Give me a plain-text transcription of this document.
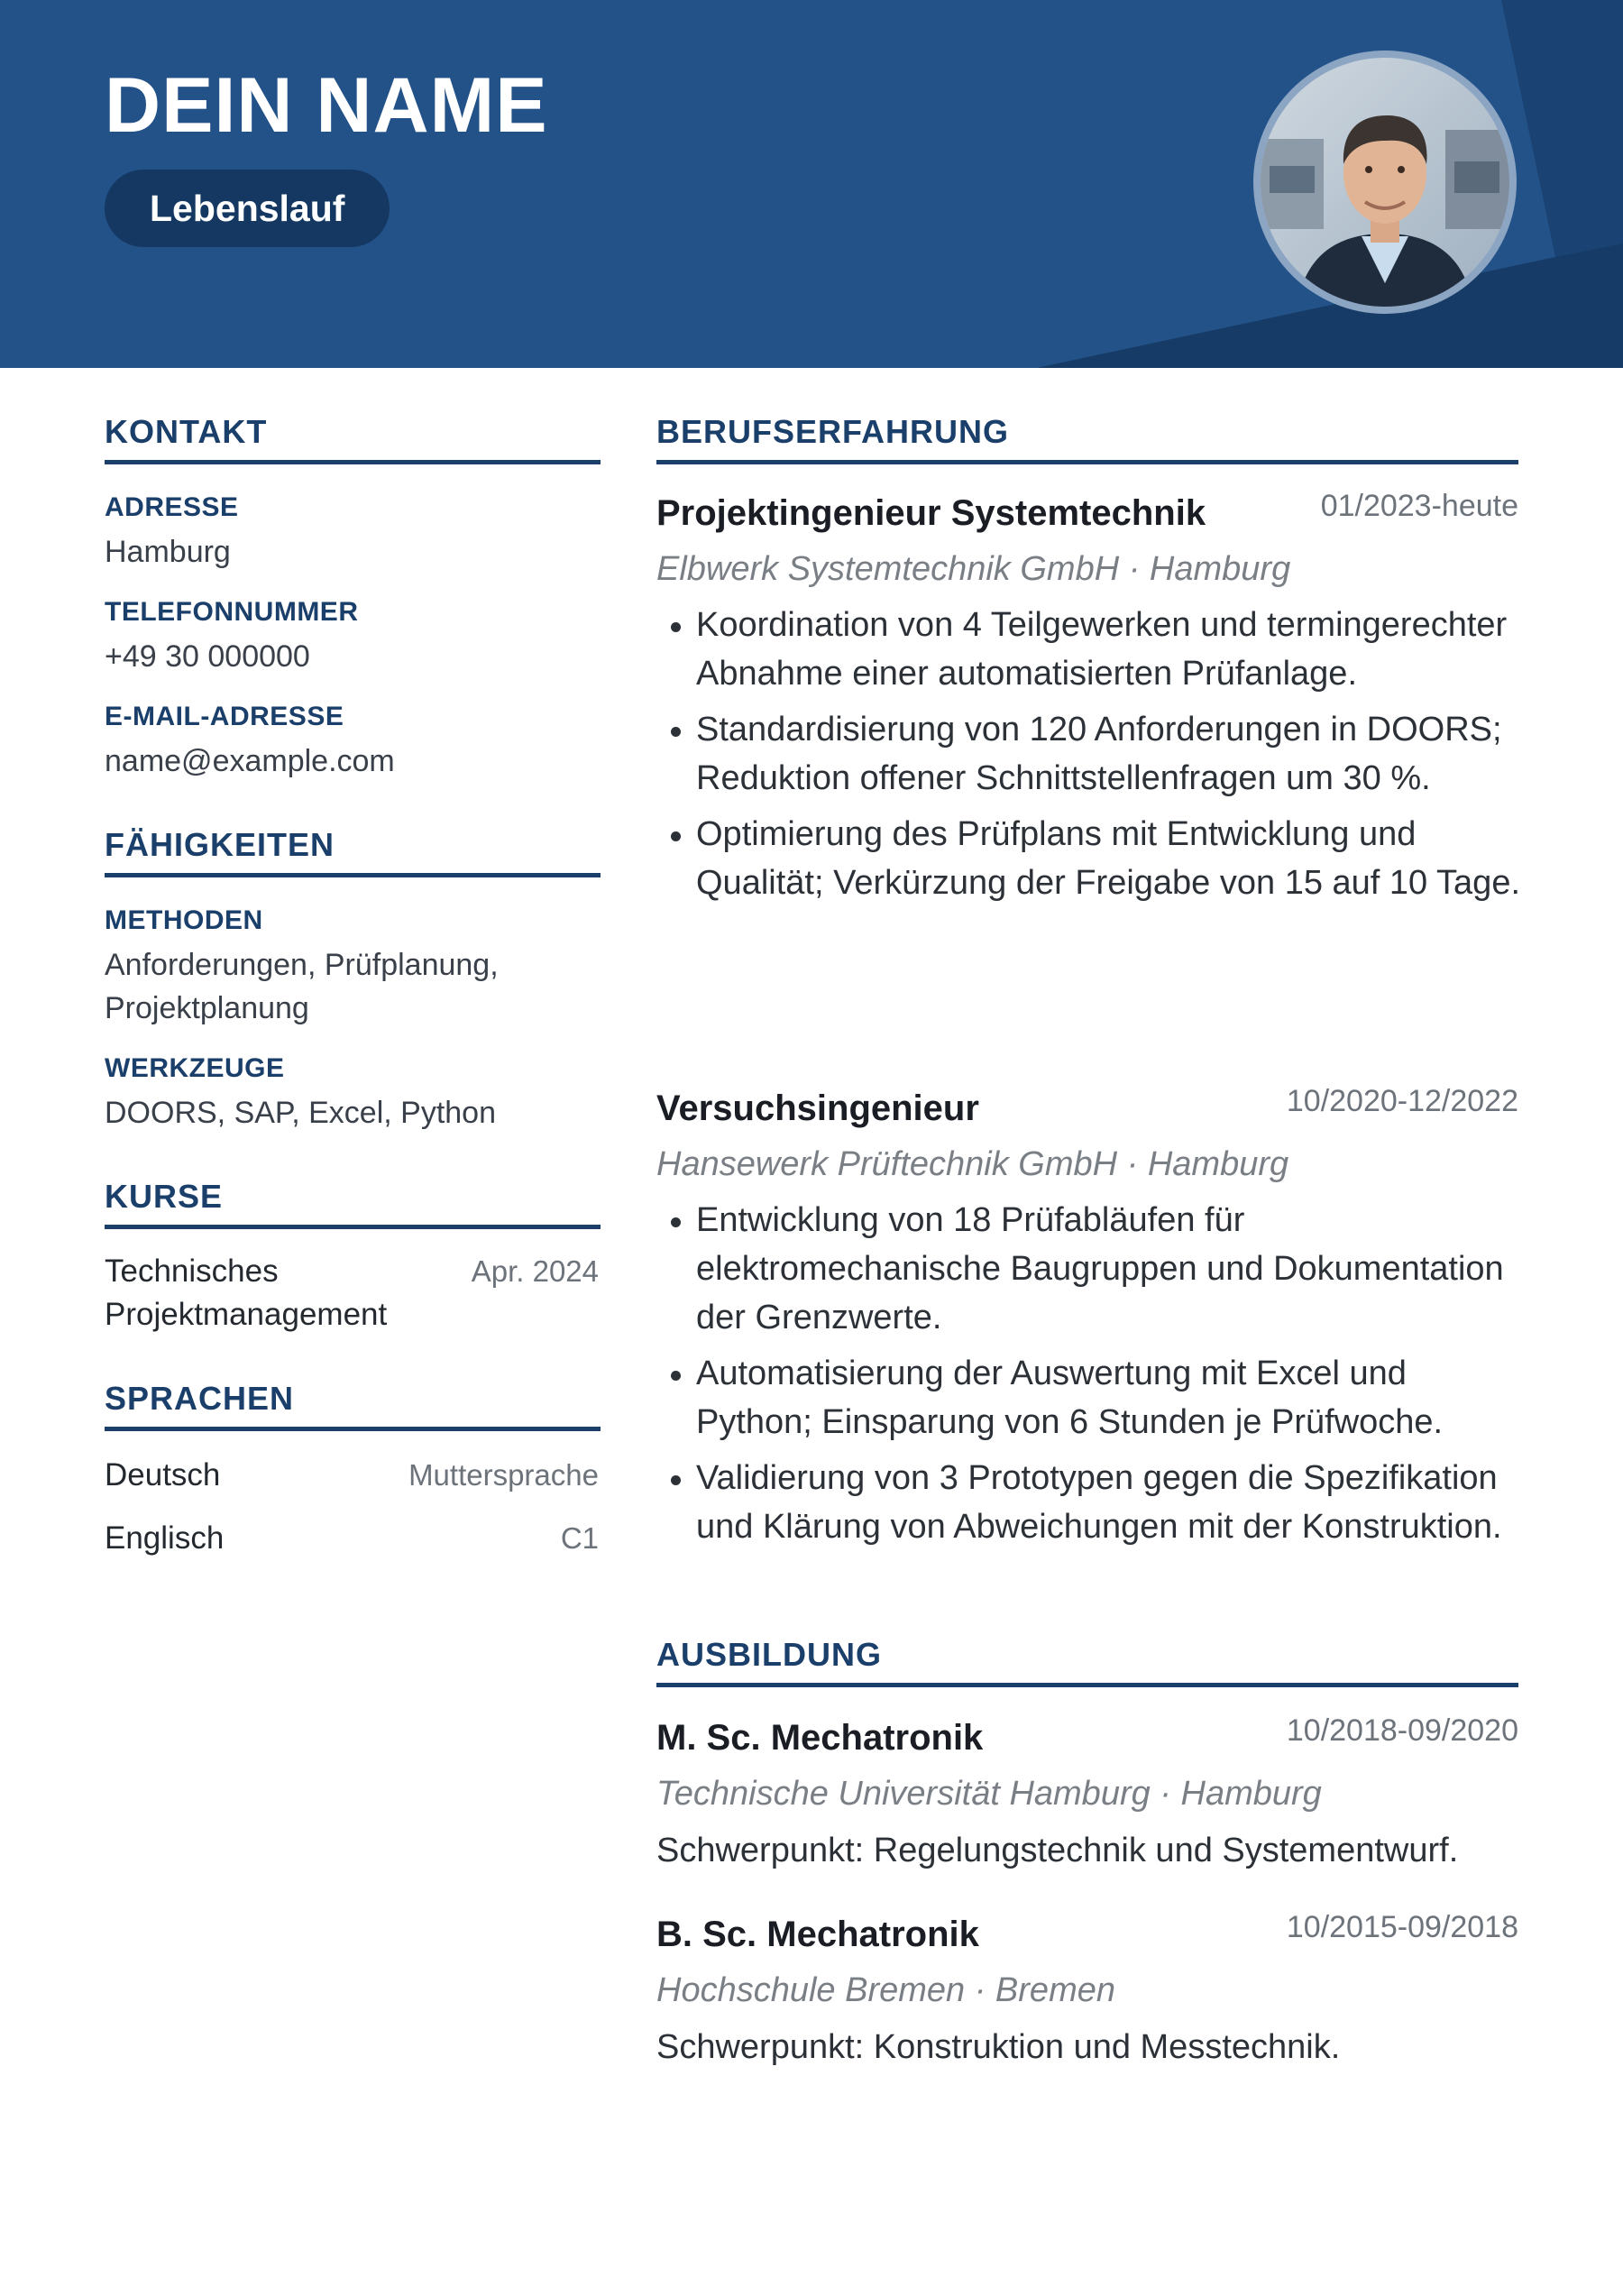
DEIN NAME
Lebenslauf
KONTAKT
ADRESSE
Hamburg
TELEFONNUMMER
+49 30 000000
E-MAIL-ADRESSE
name@example.com
FÄHIGKEITEN
METHODEN
Anforderungen, Prüfplanung, Projektplanung
WERKZEUGE
DOORS, SAP, Excel, Python
KURSE
Technisches Projektmanagement
Apr. 2024
SPRACHEN
Deutsch	Muttersprache
Englisch	C1
BERUFSERFAHRUNG
Projektingenieur Systemtechnik	01/2023-heute
Elbwerk Systemtechnik GmbH · Hamburg
Koordination von 4 Teilgewerken und termingerechter Abnahme einer automatisierten Prüfanlage.
Standardisierung von 120 Anforderungen in DOORS; Reduktion offener Schnittstellenfragen um 30 %.
Optimierung des Prüfplans mit Entwicklung und Qualität; Verkürzung der Freigabe von 15 auf 10 Tage.
Versuchsingenieur	10/2020-12/2022
Hansewerk Prüftechnik GmbH · Hamburg
Entwicklung von 18 Prüfabläufen für elektromechanische Baugruppen und Dokumentation der Grenzwerte.
Automatisierung der Auswertung mit Excel und Python; Einsparung von 6 Stunden je Prüfwoche.
Validierung von 3 Prototypen gegen die Spezifikation und Klärung von Abweichungen mit der Konstruktion.
AUSBILDUNG
M. Sc. Mechatronik	10/2018-09/2020
Technische Universität Hamburg · Hamburg
Schwerpunkt: Regelungstechnik und Systementwurf.
B. Sc. Mechatronik	10/2015-09/2018
Hochschule Bremen · Bremen
Schwerpunkt: Konstruktion und Messtechnik.
